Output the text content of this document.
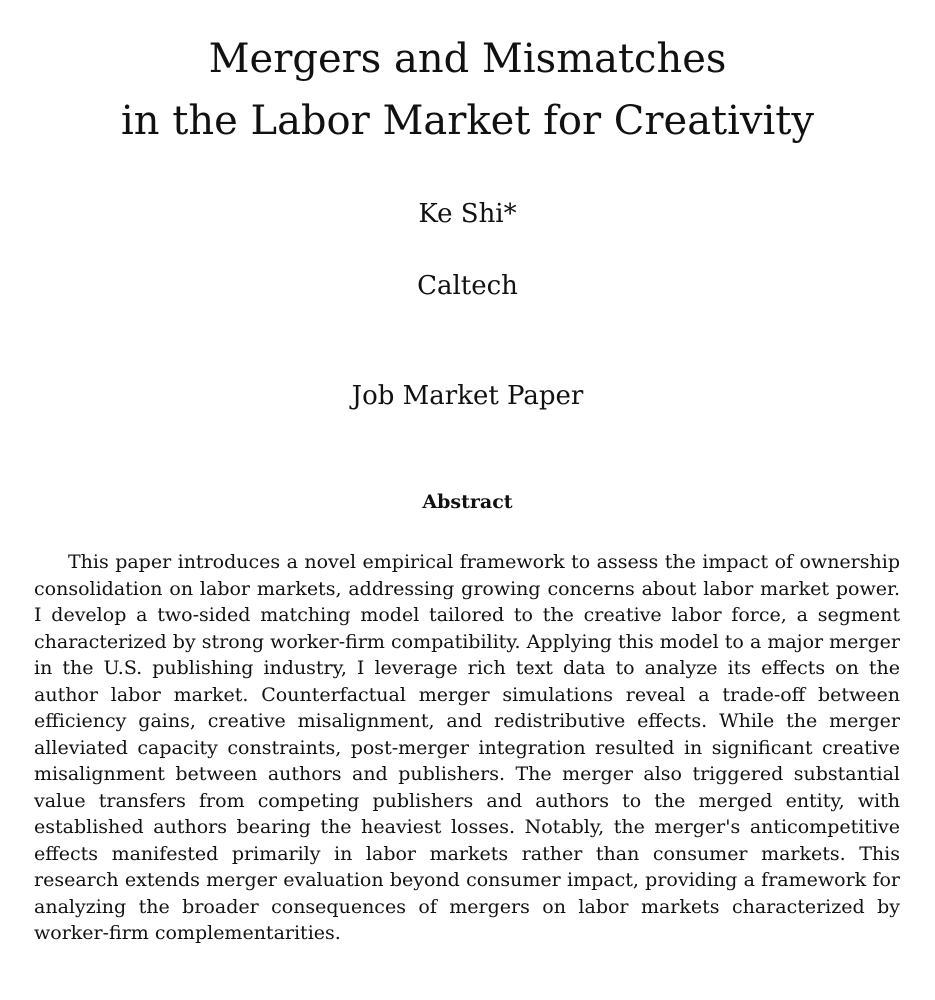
Mergers and Mismatches
in the Labor Market for Creativity
Ke Shi*
Caltech
Job Market Paper
Abstract

This paper introduces a novel empirical framework to assess the impact of ownership consolidation on labor markets, addressing growing concerns about labor market power. I develop a two-sided matching model tailored to the creative labor force, a segment characterized by strong worker-firm compatibility. Applying this model to a major merger in the U.S. publishing industry, I leverage rich text data to analyze its effects on the author labor market. Counterfactual merger simulations reveal a trade-off between efficiency gains, creative misalignment, and redistributive effects. While the merger alleviated capacity constraints, post-merger integration resulted in significant creative misalignment between authors and publishers. The merger also triggered substantial value transfers from competing publishers and authors to the merged entity, with established authors bearing the heaviest losses. Notably, the merger's anticompetitive effects manifested primarily in labor markets rather than consumer markets. This research extends merger evaluation beyond consumer impact, providing a framework for analyzing the broader consequences of mergers on labor markets characterized by worker-firm complementarities.
